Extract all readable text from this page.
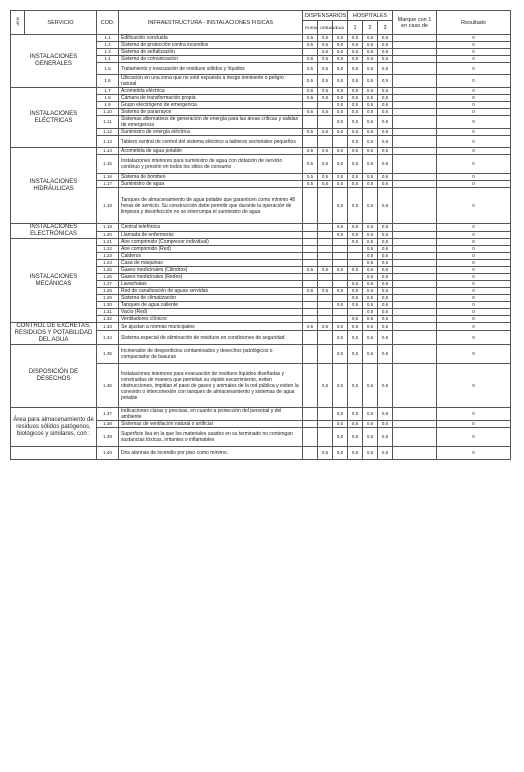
MSP	SERVICIO	COD.	INFRAESTRUCTURA - INSTALACIONES FISICAS	DISPENSARIOS			HOSPITALES			Marque con 1 en caso de	Resultado
				RURAL	URBANO	CAA	1	2	3		
INSTALACIONES GENERALES		1.1	Edificación concluida	0,5	0,5	0,5	0,5	0,5	0,5		0
		1.2	Sistema de protección contra incendios	0,5	0,5	0,5	0,5	0,5	0,5		0
		1.3	Sistema de señalización		0,5	0,5	0,5	0,5	0,5		0
		1.4	Sistema de comunicación	0,5	0,5	0,5	0,5	0,5	0,5		0
		1.5	Tratamiento y evacuación de residuos sólidos y líquidos	0,5	0,5	0,5	0,5	0,5	0,5		0
		1.6	Ubicación en una zona que no esté expuesta a riesgo inminente o peligro natural	0,5	0,5	0,5	0,5	0,5	0,5		0
INSTALACIONES ELÉCTRICAS		1.7	Acometida eléctrica	0,5	0,5	0,5	0,5	0,5	0,5		0
		1.8	Cámara de transformación propia	0,5	0,5	0,5	0,5	0,5	0,5		0
		1.9	Grupo electrógeno de emergencia			0,5	0,5	0,5	0,5		0
		1.10	Sistema de pararrayos	0,5	0,5	0,5	0,5	0,5	0,5		0
		1.11	Sistemas alternativos de generación de energía para las áreas críticas y salidas de emergencia			0,5	0,5	0,5	0,5		0
		1.12	Suministro de energía eléctrica	0,5	0,5	0,5	0,5	0,5	0,5		0
		1.13	Tablero central de control del sistema eléctrico a tableros sectoriales pequeños				0,5	0,5	0,5		0
INSTALACIONES HIDRÁULICAS		1.14	Acometida de agua potable	0,5	0,5	0,5	0,5	0,5	0,5		0
		1.15	Instalaciones interiores para suministro de agua con dotación de servicio continuo y presión en todos los sitios de consumo	0,5	0,5	0,5	0,5	0,5	0,5		0
		1.16	Sistema de bombeo	0,5	0,5	0,5	0,5	0,5	0,5		0
		1.17	Suministro de agua	0,5	0,5	0,5	0,5	0,5	0,5		0
		1.18	Tanques de almacenamiento de agua potable que garanticen como mínimo 48 horas de servicio. Su construcción debe permitir que durante la operación de limpieza y desinfección no se interrumpa el suministro de agua			0,5	0,5	0,5	0,5		0
INSTALACIONES ELECTRÓNICAS		1.19	Central telefónica			0,5	0,5	0,5	0,5		0
		1.20	Llamada de enfermeras			0,5	0,5	0,5	0,5		0
INSTALACIONES MECÁNICAS		1.21	Aire comprimido (Compresor individual)				0,5	0,5	0,5		0
		1.22	Aire comprimido (Red)					0,5	0,5		0
		1.23	Calderos					0,5	0,5		0
		1.24	Casa de máquinas					0,5	0,5		0
		1.25	Gases medicinales (Cilindros)	0,5	0,5	0,5	0,5	0,5	0,5		0
		1.26	Gases medicinales (Redes)					0,5	0,5		0
		1.27	Lavachatas				0,5	0,5	0,5		0
		1.28	Red de canalización de aguas servidas	0,5	0,5	0,5	0,5	0,5	0,5		0
		1.29	Sistema de climatización				0,5	0,5	0,5		0
		1.30	Tanques de agua caliente			0,5	0,5	0,5	0,5		0
		1.31	Vacío (Red)					0,5	0,5		0
		1.32	Ventiladores clínicos				0,5	0,5	0,5		0
CONTROL DE EXCRETAS, RESIDUOS Y POTABILIDAD DEL AGUA		1.33	Se ajustan a normas municipales	0,5	0,5	0,5	0,5	0,5	0,5		0
		1.34	Sistema especial de eliminación de residuos en condiciones de seguridad			0,5	0,5	0,5	0,5		0
DISPOSICIÓN DE DESECHOS		1.35	Incinerador de desperdicios contaminados y desechos patológicos o compactador de basuras			0,5	0,5	0,5	0,5		0
		1.36	Instalaciones interiores para evacuación de residuos líquidos diseñadas y construidas de manera que permitan su rápido escurrimiento, eviten obstrucciones, impidan el paso de gases y animales de la red pública y eviten la conexión o interconexión con tanques de almacenamiento y sistemas de agua potable		0,5	0,5	0,5	0,5	0,5		0
Área para almacenamiento de residuos sólidos patógenos, biológicos y similares, con :		1.37	Indicaciones claras y precisas, en cuanto a protección del personal y del ambiente			0,5	0,5	0,5	0,5		0
		1.38	Sistemas de ventilación natural o artificial			0,5	0,5	0,5	0,5		0
		1.39	Superficie lisa en la que los materiales usados en su terminado no contengan sustancias tóxicas, irritantes o inflamables			0,5	0,5	0,5	0,5		0
		1.40	Dos alarmas de incendio por piso como mínimo.		0,5	0,5	0,5	0,5	0,5		0
